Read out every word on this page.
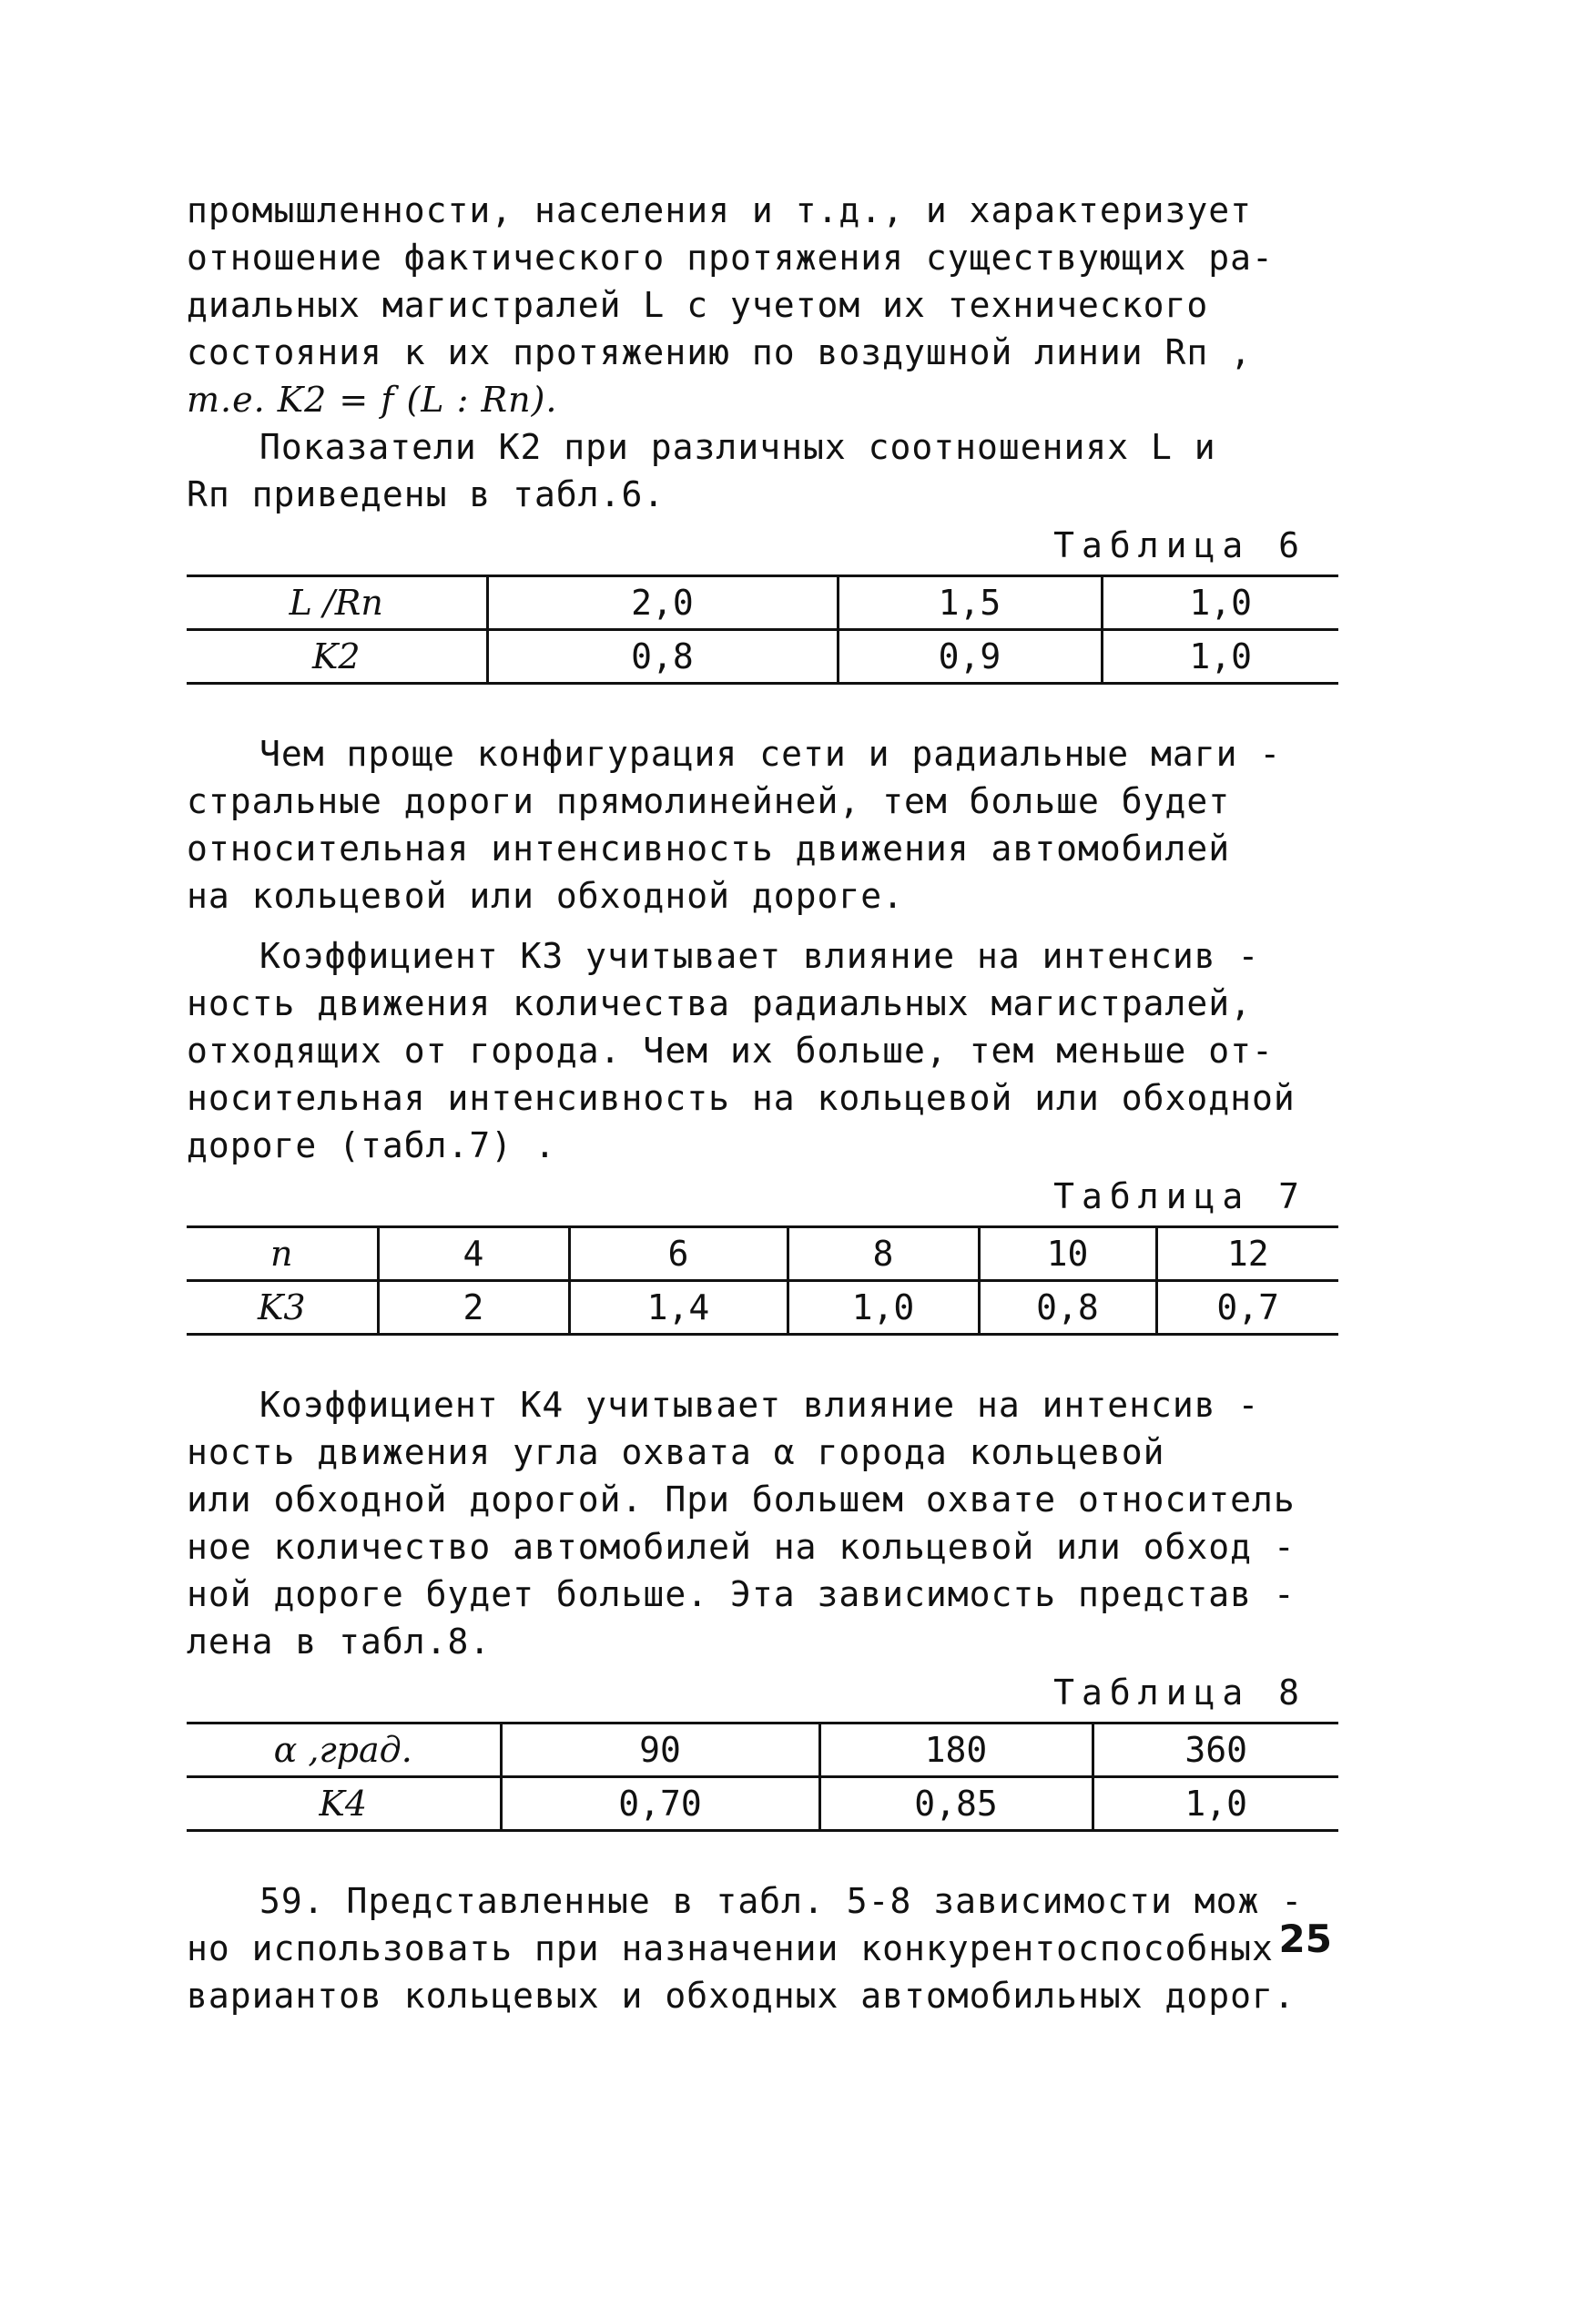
промышленности, населения и т.д., и характеризует
отношение фактического протяжения существующих ра-
диальных магистралей L с учетом их технического
состояния к их протяжению по воздушной линии Rп ,
т.е. K2 = f (L : Rп).
Показатели K2 при различных соотношениях L и
Rп приведены в табл.6.
Таблица 6
L /Rп	2,0	1,5	1,0
K2	0,8	0,9	1,0
Чем проще конфигурация сети и радиальные маги -
стральные дороги прямолинейней, тем больше будет
относительная интенсивность движения автомобилей
на кольцевой или обходной дороге.
Коэффициент K3 учитывает влияние на интенсив -
ность движения количества радиальных магистралей,
отходящих от города. Чем их больше, тем меньше от-
носительная интенсивность на кольцевой или обходной
дороге (табл.7) .
Таблица 7
n	4	6	8	10	12
K3	2	1,4	1,0	0,8	0,7
Коэффициент K4 учитывает влияние на интенсив -
ность движения угла охвата α города кольцевой
или обходной дорогой. При большем охвате относитель
ное количество автомобилей на кольцевой или обход -
ной дороге будет больше. Эта зависимость представ -
лена в табл.8.
Таблица 8
α ,град.	90	180	360
K4	0,70	0,85	1,0
59. Представленные в табл. 5-8 зависимости мож -
но использовать при назначении конкурентоспособных
вариантов кольцевых и обходных автомобильных дорог.
25
